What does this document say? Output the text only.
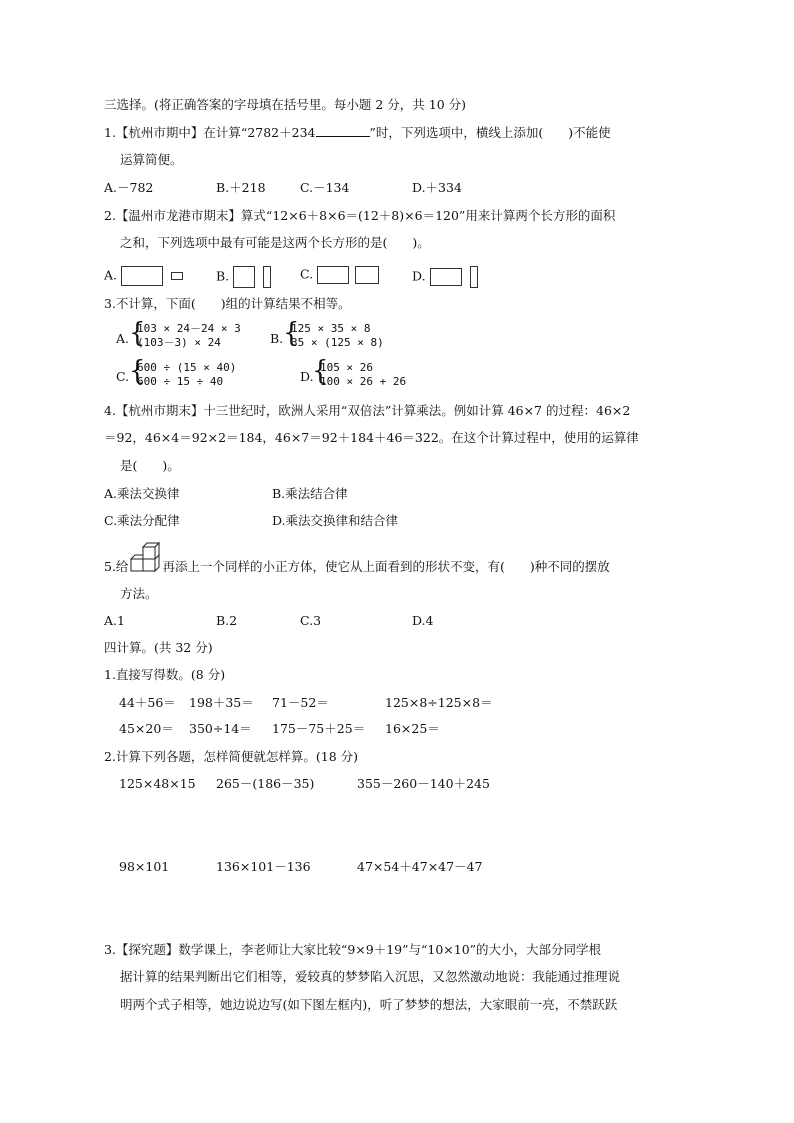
三选择。(将正确答案的字母填在括号里。每小题 2 分，共 10 分)
1.【杭州市期中】在计算“2782＋234	”时，下列选项中，横线上添加(　　)不能使
运算简便。
A.－782	B.＋218	C.－134	D.＋334
2.【温州市龙港市期末】算式“12×6＋8×6＝(12＋8)×6＝120”用来计算两个长方形的面积
之和，下列选项中最有可能是这两个长方形的是(　　)。
A.	B.	C.	D.
3.不计算，下面(　　)组的计算结果不相等。
A. {
103 × 24－24 × 3
(103－3) × 24	B. {
125 × 35 × 8
35 × (125 × 8)
C. {
600 ÷ (15 × 40)
600 ÷ 15 ÷ 40	D.
{
105 × 26
100 × 26 + 26
4.【杭州市期末】十三世纪时，欧洲人采用“双倍法”计算乘法。例如计算 46×7 的过程：46×2
＝92，46×4＝92×2＝184，46×7＝92＋184＋46＝322。在这个计算过程中，使用的运算律
是(　　)。
A.乘法交换律	B.乘法结合律
C.乘法分配律	D.乘法交换律和结合律
5.给	再添上一个同样的小正方体，使它从上面看到的形状不变，有(　　)种不同的摆放
方法。
A.1	B.2	C.3	D.4
四计算。(共 32 分)
1.直接写得数。(8 分)
44＋56＝ 198＋35＝ 71－52＝	125×8÷125×8＝
45×20＝ 350÷14＝ 175－75＋25＝ 16×25＝
2.计算下列各题，怎样简便就怎样算。(18 分)
125×48×15 265－(186－35)	355－260－140＋245
98×101	136×101－136	47×54＋47×47－47
3.【探究题】数学课上，李老师让大家比较“9×9＋19”与“10×10”的大小，大部分同学根
据计算的结果判断出它们相等，爱较真的梦梦陷入沉思，又忽然激动地说：我能通过推理说
明两个式子相等，她边说边写(如下图左框内)，听了梦梦的想法，大家眼前一亮，不禁跃跃
